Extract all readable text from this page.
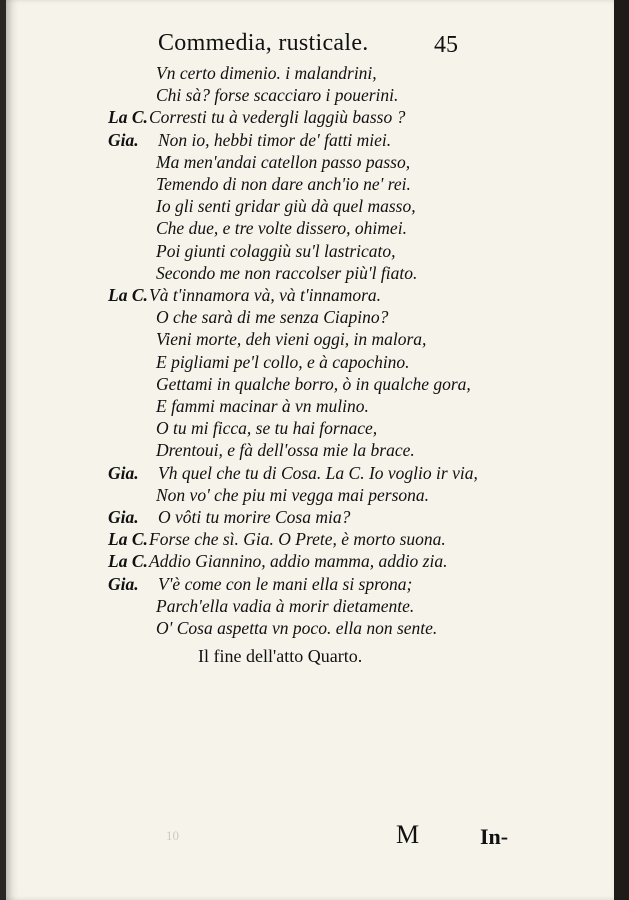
Commedia, rusticale.	45
Vn certo dimenio. i malandrini,
Chi sà? forse scacciaro i pouerini.
La C. Corresti tu à vedergli laggiù basso ?
Gia. Non io, hebbi timor de' fatti miei.
Ma men'andai catellon passo passo,
Temendo di non dare anch'io ne' rei.
Io gli senti gridar giù dà quel masso,
Che due, e tre volte dissero, ohimei.
Poi giunti colaggiù su'l lastricato,
Secondo me non raccolser più'l fiato.
La C. Và t'innamora và, và t'innamora.
O che sarà di me senza Ciapino?
Vieni morte, deh vieni oggi, in malora,
E pigliami pe'l collo, e à capochino.
Gettami in qualche borro, ò in qualche gora,
E fammi macinar à vn mulino.
O tu mi ficca, se tu hai fornace,
Drentoui, e fà dell'ossa mie la brace.
Gia. Vh quel che tu di Cosa. La C. Io voglio ir via,
Non vo' che piu mi vegga mai persona.
Gia. O vôti tu morire Cosa mia?
La C. Forse che sì. Gia. O Prete, è morto suona.
La C. Addio Giannino, addio mamma, addio zia.
Gia. V'è come con le mani ella si sprona;
Parch'ella vadia à morir dietamente.
O' Cosa aspetta vn poco. ella non sente.
Il fine dell'atto Quarto.
10	M	In-
